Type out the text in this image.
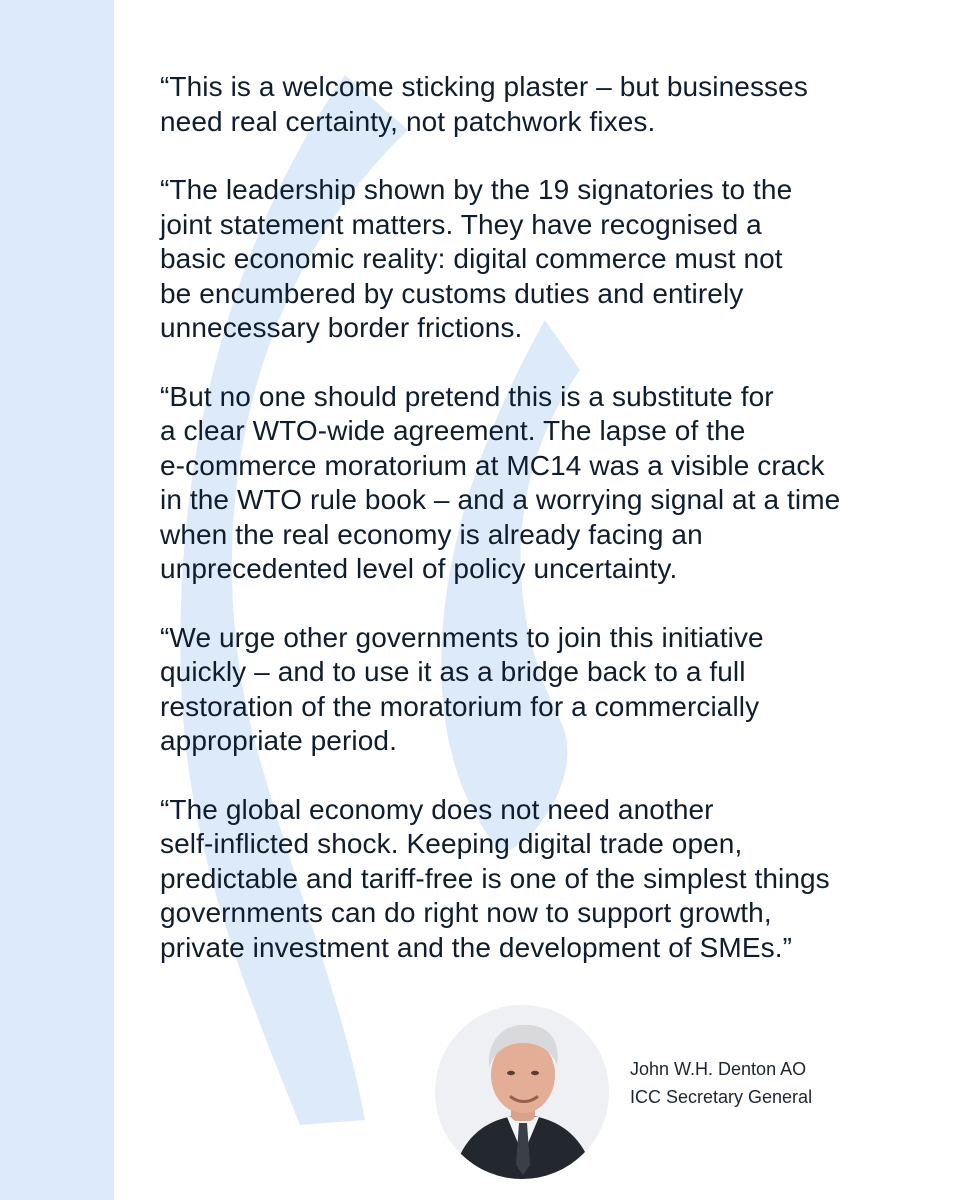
“This is a welcome sticking plaster – but businesses
need real certainty, not patchwork fixes.

“The leadership shown by the 19 signatories to the
joint statement matters. They have recognised a
basic economic reality: digital commerce must not
be encumbered by customs duties and entirely
unnecessary border frictions.

“But no one should pretend this is a substitute for
a clear WTO-wide agreement. The lapse of the
e-commerce moratorium at MC14 was a visible crack
in the WTO rule book – and a worrying signal at a time
when the real economy is already facing an
unprecedented level of policy uncertainty.

“We urge other governments to join this initiative
quickly – and to use it as a bridge back to a full
restoration of the moratorium for a commercially
appropriate period.

“The global economy does not need another
self-inflicted shock. Keeping digital trade open,
predictable and tariff-free is one of the simplest things
governments can do right now to support growth,
private investment and the development of SMEs.”

John W.H. Denton AO
ICC Secretary General
